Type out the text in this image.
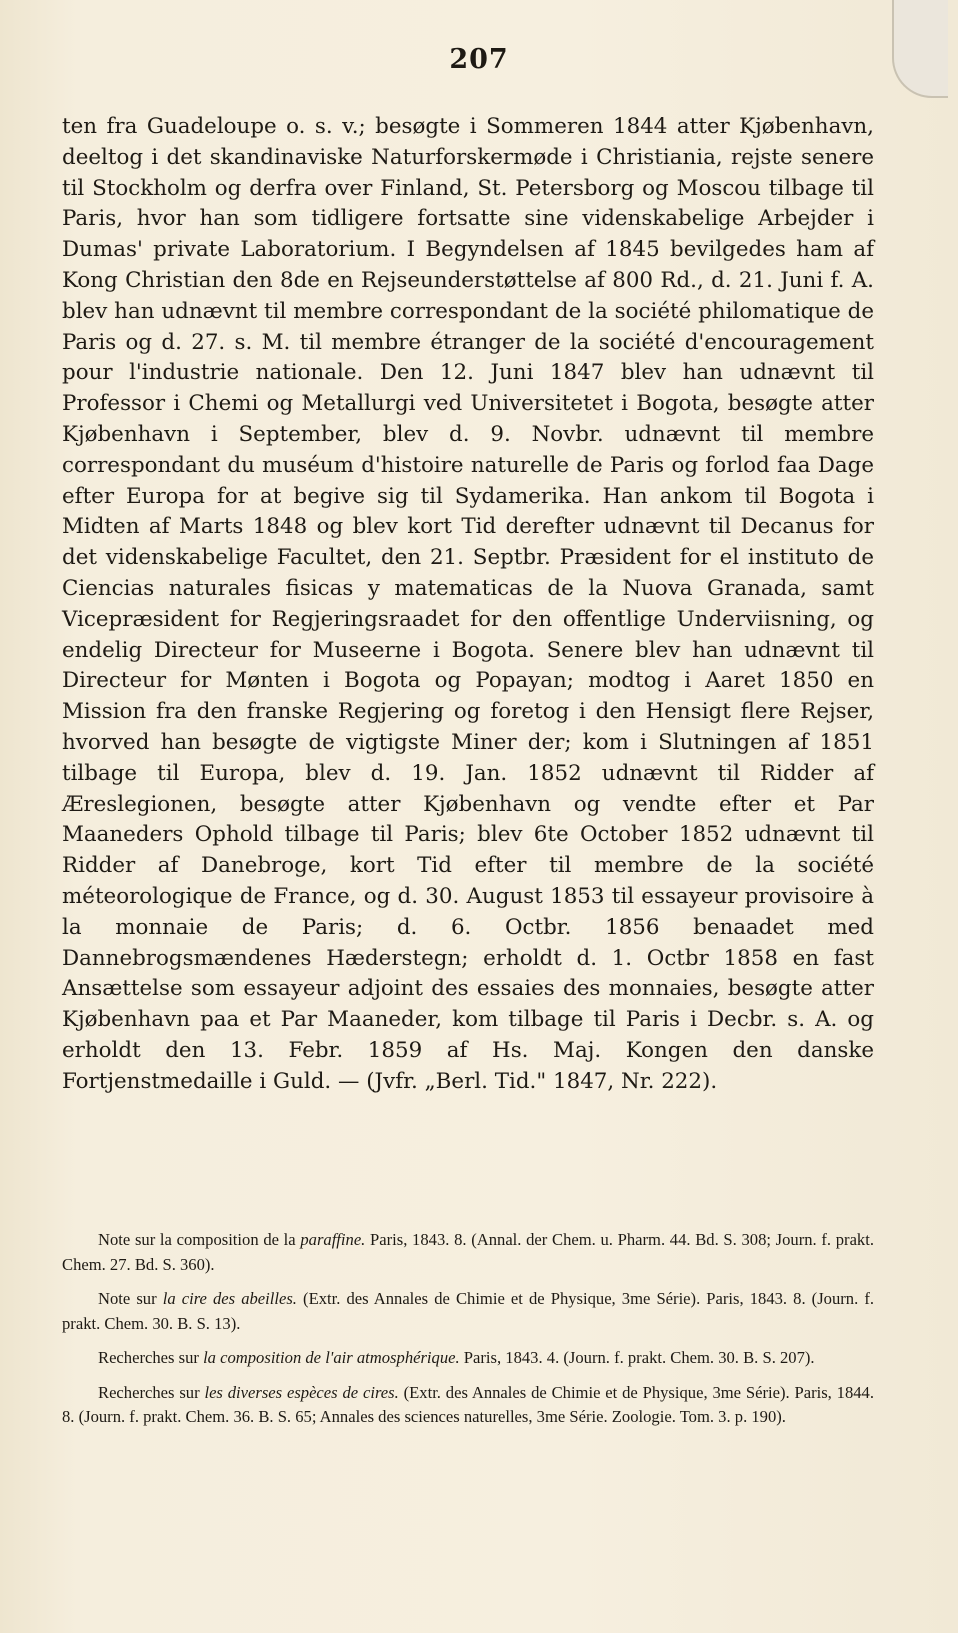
207

ten fra Guadeloupe o. s. v.; besøgte i Sommeren 1844 atter Kjøbenhavn, deeltog i det skandinaviske Naturforskermøde i Christiania, rejste senere til Stockholm og derfra over Finland, St. Petersborg og Moscou tilbage til Paris, hvor han som tidligere fortsatte sine videnskabelige Arbejder i Dumas' private Laboratorium. I Begyndelsen af 1845 bevilgedes ham af Kong Christian den 8de en Rejseunderstøttelse af 800 Rd., d. 21. Juni f. A. blev han udnævnt til membre correspondant de la société philomatique de Paris og d. 27. s. M. til membre étranger de la société d'encouragement pour l'industrie nationale. Den 12. Juni 1847 blev han udnævnt til Professor i Chemi og Metallurgi ved Universitetet i Bogota, besøgte atter Kjøbenhavn i September, blev d. 9. Novbr. udnævnt til membre correspondant du muséum d'histoire naturelle de Paris og forlod faa Dage efter Europa for at begive sig til Sydamerika. Han ankom til Bogota i Midten af Marts 1848 og blev kort Tid derefter udnævnt til Decanus for det videnskabelige Facultet, den 21. Septbr. Præsident for el instituto de Ciencias naturales fisicas y matematicas de la Nuova Granada, samt Vicepræsident for Regjeringsraadet for den offentlige Underviisning, og endelig Directeur for Museerne i Bogota. Senere blev han udnævnt til Directeur for Mønten i Bogota og Popayan; modtog i Aaret 1850 en Mission fra den franske Regjering og foretog i den Hensigt flere Rejser, hvorved han besøgte de vigtigste Miner der; kom i Slutningen af 1851 tilbage til Europa, blev d. 19. Jan. 1852 udnævnt til Ridder af Æreslegionen, besøgte atter Kjøbenhavn og vendte efter et Par Maaneders Ophold tilbage til Paris; blev 6te October 1852 udnævnt til Ridder af Danebroge, kort Tid efter til membre de la société méteorologique de France, og d. 30. August 1853 til essayeur provisoire à la monnaie de Paris; d. 6. Octbr. 1856 benaadet med Dannebrogsmændenes Hæderstegn; erholdt d. 1. Octbr 1858 en fast Ansættelse som essayeur adjoint des essaies des monnaies, besøgte atter Kjøbenhavn paa et Par Maaneder, kom tilbage til Paris i Decbr. s. A. og erholdt den 13. Febr. 1859 af Hs. Maj. Kongen den danske Fortjenstmedaille i Guld. — (Jvfr. „Berl. Tid." 1847, Nr. 222).

Note sur la composition de la paraffine. Paris, 1843. 8. (Annal. der Chem. u. Pharm. 44. Bd. S. 308; Journ. f. prakt. Chem. 27. Bd. S. 360).

Note sur la cire des abeilles. (Extr. des Annales de Chimie et de Physique, 3me Série). Paris, 1843. 8. (Journ. f. prakt. Chem. 30. B. S. 13).

Recherches sur la composition de l'air atmosphérique. Paris, 1843. 4. (Journ. f. prakt. Chem. 30. B. S. 207).

Recherches sur les diverses espèces de cires. (Extr. des Annales de Chimie et de Physique, 3me Série). Paris, 1844. 8. (Journ. f. prakt. Chem. 36. B. S. 65; Annales des sciences naturelles, 3me Série. Zoologie. Tom. 3. p. 190).
